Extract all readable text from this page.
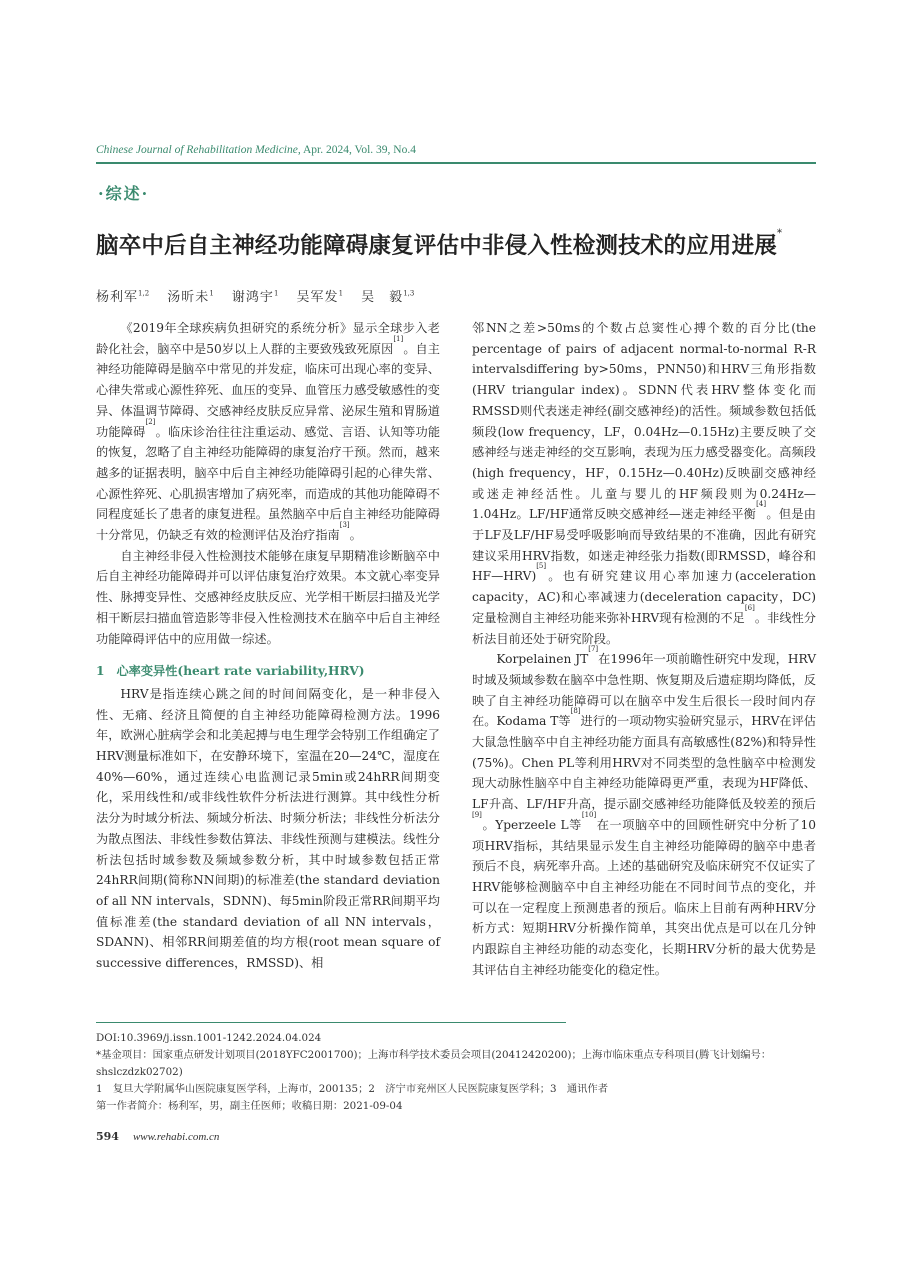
Chinese Journal of Rehabilitation Medicine, Apr. 2024, Vol. 39, No.4
·综述·
脑卒中后自主神经功能障碍康复评估中非侵入性检测技术的应用进展*
杨利军$^{1,2}$ 汤昕未$^1$ 谢鸿宇$^1$ 吴军发$^1$ 吴　毅$^{1,3}$

《2019年全球疾病负担研究的系统分析》显示全球步入老龄化社会，脑卒中是50岁以上人群的主要致残致死原因[1]。自主神经功能障碍是脑卒中常见的并发症，临床可出现心率的变异、心律失常或心源性猝死、血压的变异、血管压力感受敏感性的变异、体温调节障碍、交感神经皮肤反应异常、泌尿生殖和胃肠道功能障碍[2]。临床诊治往往注重运动、感觉、言语、认知等功能的恢复，忽略了自主神经功能障碍的康复治疗干预。然而，越来越多的证据表明，脑卒中后自主神经功能障碍引起的心律失常、心源性猝死、心肌损害增加了病死率，而造成的其他功能障碍不同程度延长了患者的康复进程。虽然脑卒中后自主神经功能障碍十分常见，仍缺乏有效的检测评估及治疗指南[3]。

自主神经非侵入性检测技术能够在康复早期精准诊断脑卒中后自主神经功能障碍并可以评估康复治疗效果。本文就心率变异性、脉搏变异性、交感神经皮肤反应、光学相干断层扫描及光学相干断层扫描血管造影等非侵入性检测技术在脑卒中后自主神经功能障碍评估中的应用做一综述。

1 心率变异性(heart rate variability,HRV)

HRV是指连续心跳之间的时间间隔变化，是一种非侵入性、无痛、经济且简便的自主神经功能障碍检测方法。1996年，欧洲心脏病学会和北美起搏与电生理学会特别工作组确定了HRV测量标准如下，在安静环境下，室温在20—24℃，湿度在40%—60%，通过连续心电监测记录5min或24hRR间期变化，采用线性和/或非线性软件分析法进行测算。其中线性分析法分为时域分析法、频域分析法、时频分析法；非线性分析法分为散点图法、非线性参数估算法、非线性预测与建模法。线性分析法包括时域参数及频域参数分析，其中时域参数包括正常24hRR间期(简称NN间期)的标准差(the standard deviation of all NN intervals，SDNN)、每5min阶段正常RR间期平均值标准差(the standard deviation of all NN intervals，SDANN)、相邻RR间期差值的均方根(root mean square of successive differences，RMSSD)、相

邻NN之差>50ms的个数占总窦性心搏个数的百分比(the percentage of pairs of adjacent normal-to-normal R-R intervalsdiffering by>50ms，PNN50)和HRV三角形指数(HRV triangular index)。SDNN代表HRV整体变化而RMSSD则代表迷走神经(副交感神经)的活性。频域参数包括低频段(low frequency，LF，0.04Hz—0.15Hz)主要反映了交感神经与迷走神经的交互影响，表现为压力感受器变化。高频段(high frequency，HF，0.15Hz—0.40Hz)反映副交感神经或迷走神经活性。儿童与婴儿的HF频段则为0.24Hz—1.04Hz。LF/HF通常反映交感神经—迷走神经平衡[4]。但是由于LF及LF/HF易受呼吸影响而导致结果的不准确，因此有研究建议采用HRV指数，如迷走神经张力指数(即RMSSD，峰谷和HF—HRV)[5]。也有研究建议用心率加速力(acceleration capacity，AC)和心率减速力(deceleration capacity，DC)定量检测自主神经功能来弥补HRV现有检测的不足[6]。非线性分析法目前还处于研究阶段。

Korpelainen JT[7]在1996年一项前瞻性研究中发现，HRV时域及频域参数在脑卒中急性期、恢复期及后遗症期均降低，反映了自主神经功能障碍可以在脑卒中发生后很长一段时间内存在。Kodama T等[8]进行的一项动物实验研究显示，HRV在评估大鼠急性脑卒中自主神经功能方面具有高敏感性(82%)和特异性(75%)。Chen PL等利用HRV对不同类型的急性脑卒中检测发现大动脉性脑卒中自主神经功能障碍更严重，表现为HF降低、LF升高、LF/HF升高，提示副交感神经功能降低及较差的预后[9]。Yperzeele L等[10]在一项脑卒中的回顾性研究中分析了10项HRV指标，其结果显示发生自主神经功能障碍的脑卒中患者预后不良，病死率升高。上述的基础研究及临床研究不仅证实了HRV能够检测脑卒中自主神经功能在不同时间节点的变化，并可以在一定程度上预测患者的预后。临床上目前有两种HRV分析方式：短期HRV分析操作简单，其突出优点是可以在几分钟内跟踪自主神经功能的动态变化，长期HRV分析的最大优势是其评估自主神经功能变化的稳定性。

DOI:10.3969/j.issn.1001-1242.2024.04.024
*基金项目：国家重点研发计划项目(2018YFC2001700)；上海市科学技术委员会项目(20412420200)；上海市临床重点专科项目(腾飞计划编号：shslczdzk02702)
1　复旦大学附属华山医院康复医学科，上海市，200135；2　济宁市兖州区人民医院康复医学科；3　通讯作者
第一作者简介：杨利军，男，副主任医师；收稿日期：2021-09-04
594 www.rehabi.com.cn
